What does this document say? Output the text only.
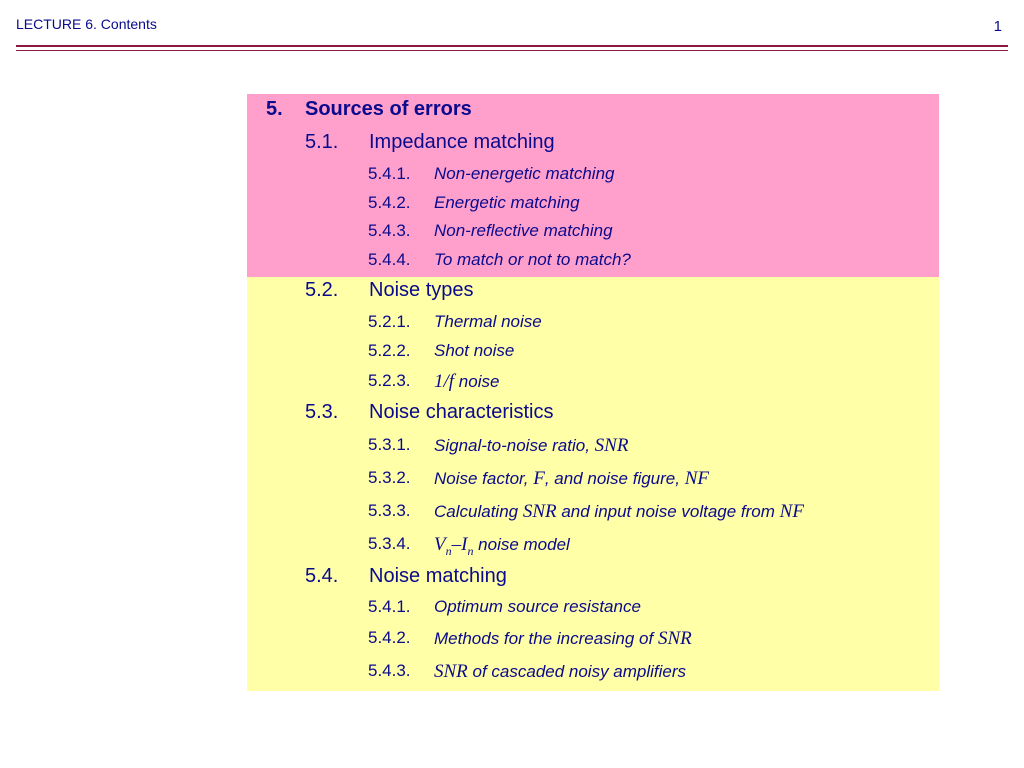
LECTURE 6. Contents	1
5. Sources of errors
5.1. Impedance matching
5.4.1. Non-energetic matching
5.4.2. Energetic matching
5.4.3. Non-reflective matching
5.4.4. To match or not to match?
5.2. Noise types
5.2.1. Thermal noise
5.2.2. Shot noise
5.2.3. 1/f noise
5.3. Noise characteristics
5.3.1. Signal-to-noise ratio, SNR
5.3.2. Noise factor, F, and noise figure, NF
5.3.3. Calculating SNR and input noise voltage from NF
5.3.4. $V_n-I_n$ noise model
5.4. Noise matching
5.4.1. Optimum source resistance
5.4.2. Methods for the increasing of SNR
5.4.3. SNR of cascaded noisy amplifiers
